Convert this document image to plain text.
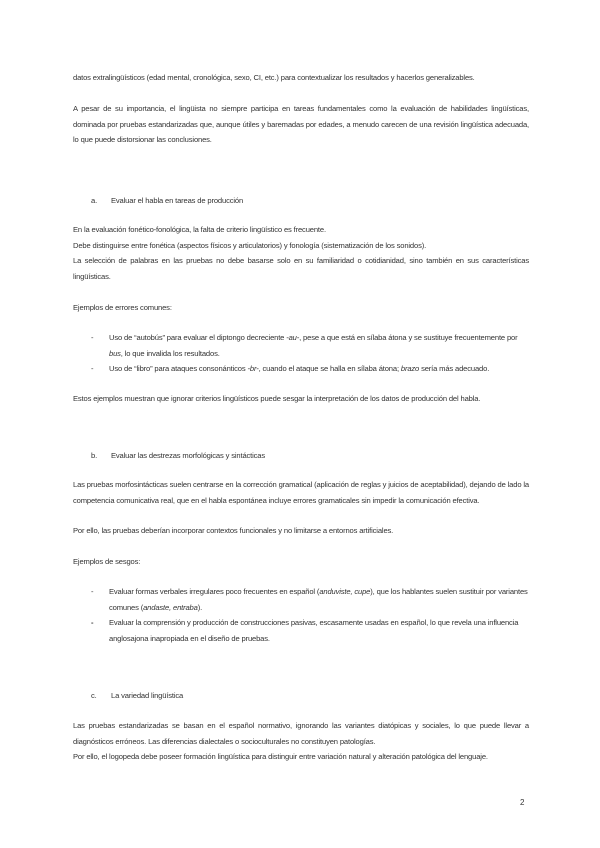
datos extralingüísticos (edad mental, cronológica, sexo, CI, etc.) para contextualizar los resultados y hacerlos generalizables.

A pesar de su importancia, el lingüista no siempre participa en tareas fundamentales como la evaluación de habilidades lingüísticas, dominada por pruebas estandarizadas que, aunque útiles y baremadas por edades, a menudo carecen de una revisión lingüística adecuada, lo que puede distorsionar las conclusiones.

a. Evaluar el habla en tareas de producción

En la evaluación fonético-fonológica, la falta de criterio lingüístico es frecuente.

Debe distinguirse entre fonética (aspectos físicos y articulatorios) y fonología (sistematización de los sonidos).

La selección de palabras en las pruebas no debe basarse solo en su familiaridad o cotidianidad, sino también en sus características lingüísticas.

Ejemplos de errores comunes:

- Uso de “autobús” para evaluar el diptongo decreciente -au-, pese a que está en sílaba átona y se sustituye frecuentemente por bus, lo que invalida los resultados.
- Uso de “libro” para ataques consonánticos -br-, cuando el ataque se halla en sílaba átona; brazo sería más adecuado.

Estos ejemplos muestran que ignorar criterios lingüísticos puede sesgar la interpretación de los datos de producción del habla.

b. Evaluar las destrezas morfológicas y sintácticas

Las pruebas morfosintácticas suelen centrarse en la corrección gramatical (aplicación de reglas y juicios de aceptabilidad), dejando de lado la competencia comunicativa real, que en el habla espontánea incluye errores gramaticales sin impedir la comunicación efectiva.

Por ello, las pruebas deberían incorporar contextos funcionales y no limitarse a entornos artificiales.

Ejemplos de sesgos:

- Evaluar formas verbales irregulares poco frecuentes en español (anduviste, cupe), que los hablantes suelen sustituir por variantes comunes (andaste, entraba).
- Evaluar la comprensión y producción de construcciones pasivas, escasamente usadas en español, lo que revela una influencia anglosajona inapropiada en el diseño de pruebas.
c. La variedad lingüística

Las pruebas estandarizadas se basan en el español normativo, ignorando las variantes diatópicas y sociales, lo que puede llevar a diagnósticos erróneos. Las diferencias dialectales o socioculturales no constituyen patologías.

Por ello, el logopeda debe poseer formación lingüística para distinguir entre variación natural y alteración patológica del lenguaje.

2
